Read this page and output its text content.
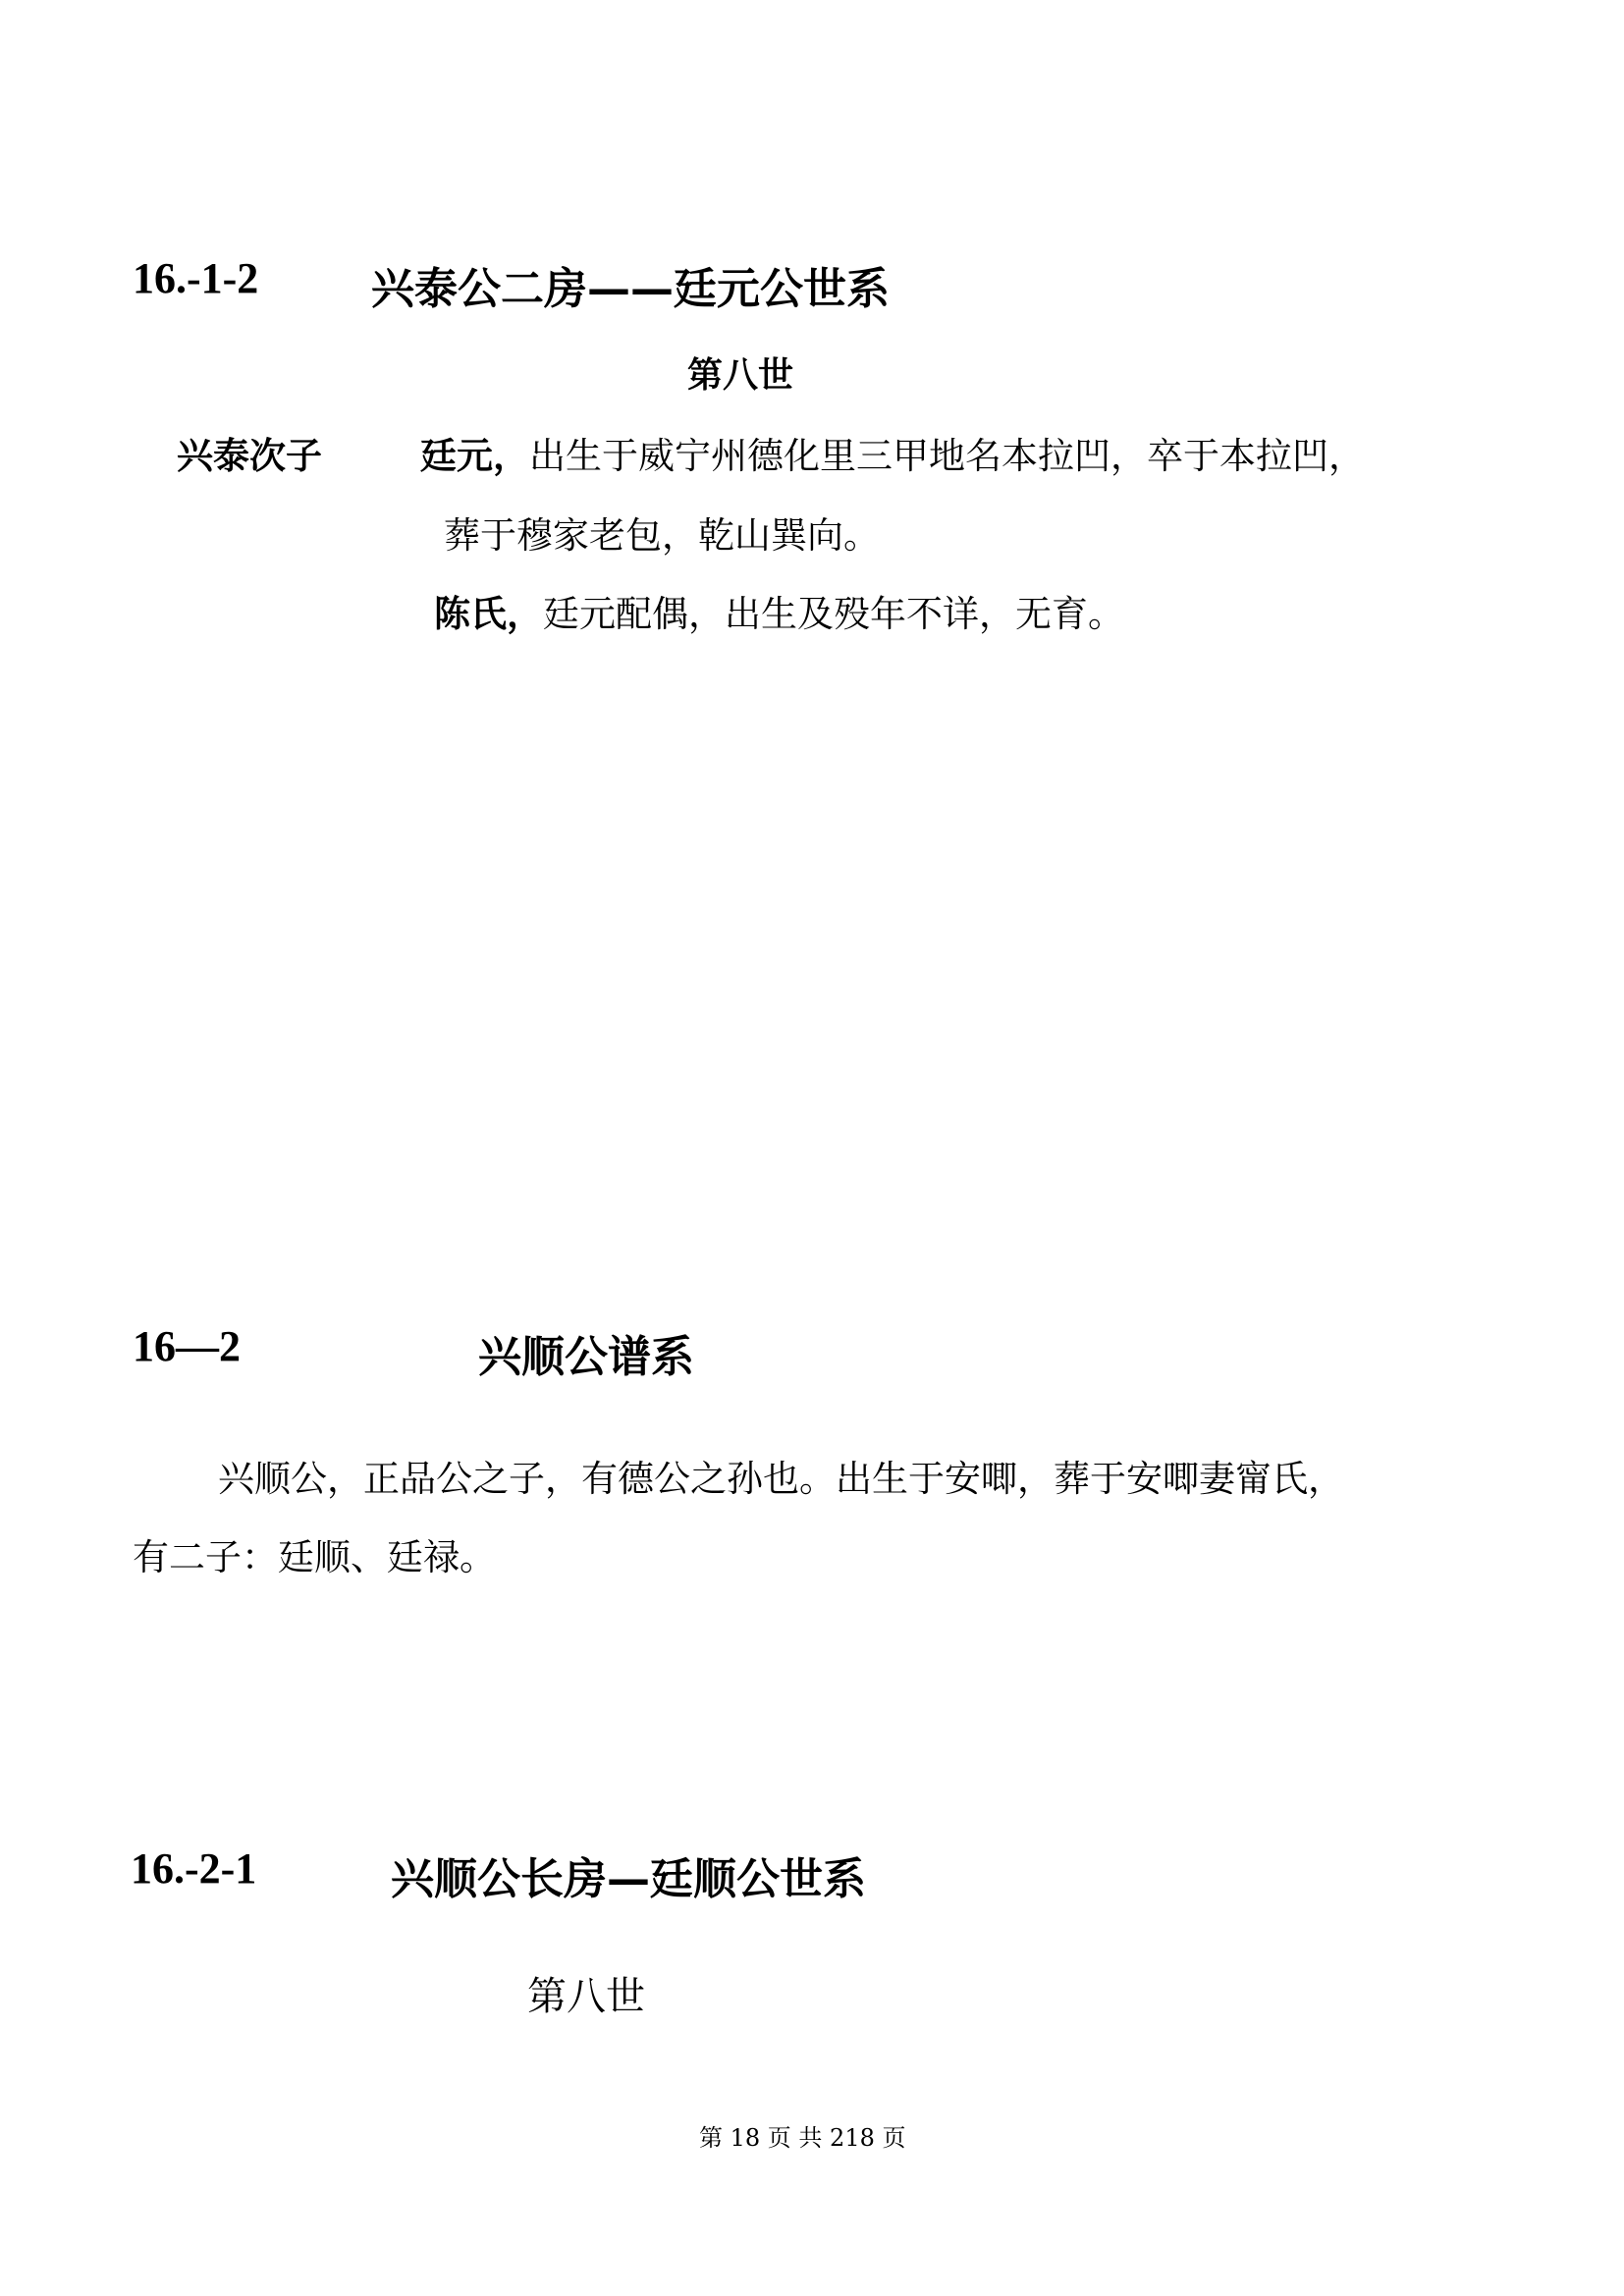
16.-1-2	兴泰公二房——廷元公世系
第八世
兴泰次子	廷元，出生于威宁州德化里三甲地名本拉凹，卒于本拉凹，
葬于穆家老包，乾山巽向。
陈氏，廷元配偶，出生及殁年不详，无育。
16—2	兴顺公谱系
兴顺公，正品公之子，有德公之孙也。出生于安唧，葬于安唧妻甯氏，
有二子：廷顺、廷禄。
16.-2-1	兴顺公长房—廷顺公世系
第八世
第 18 页 共 218 页
